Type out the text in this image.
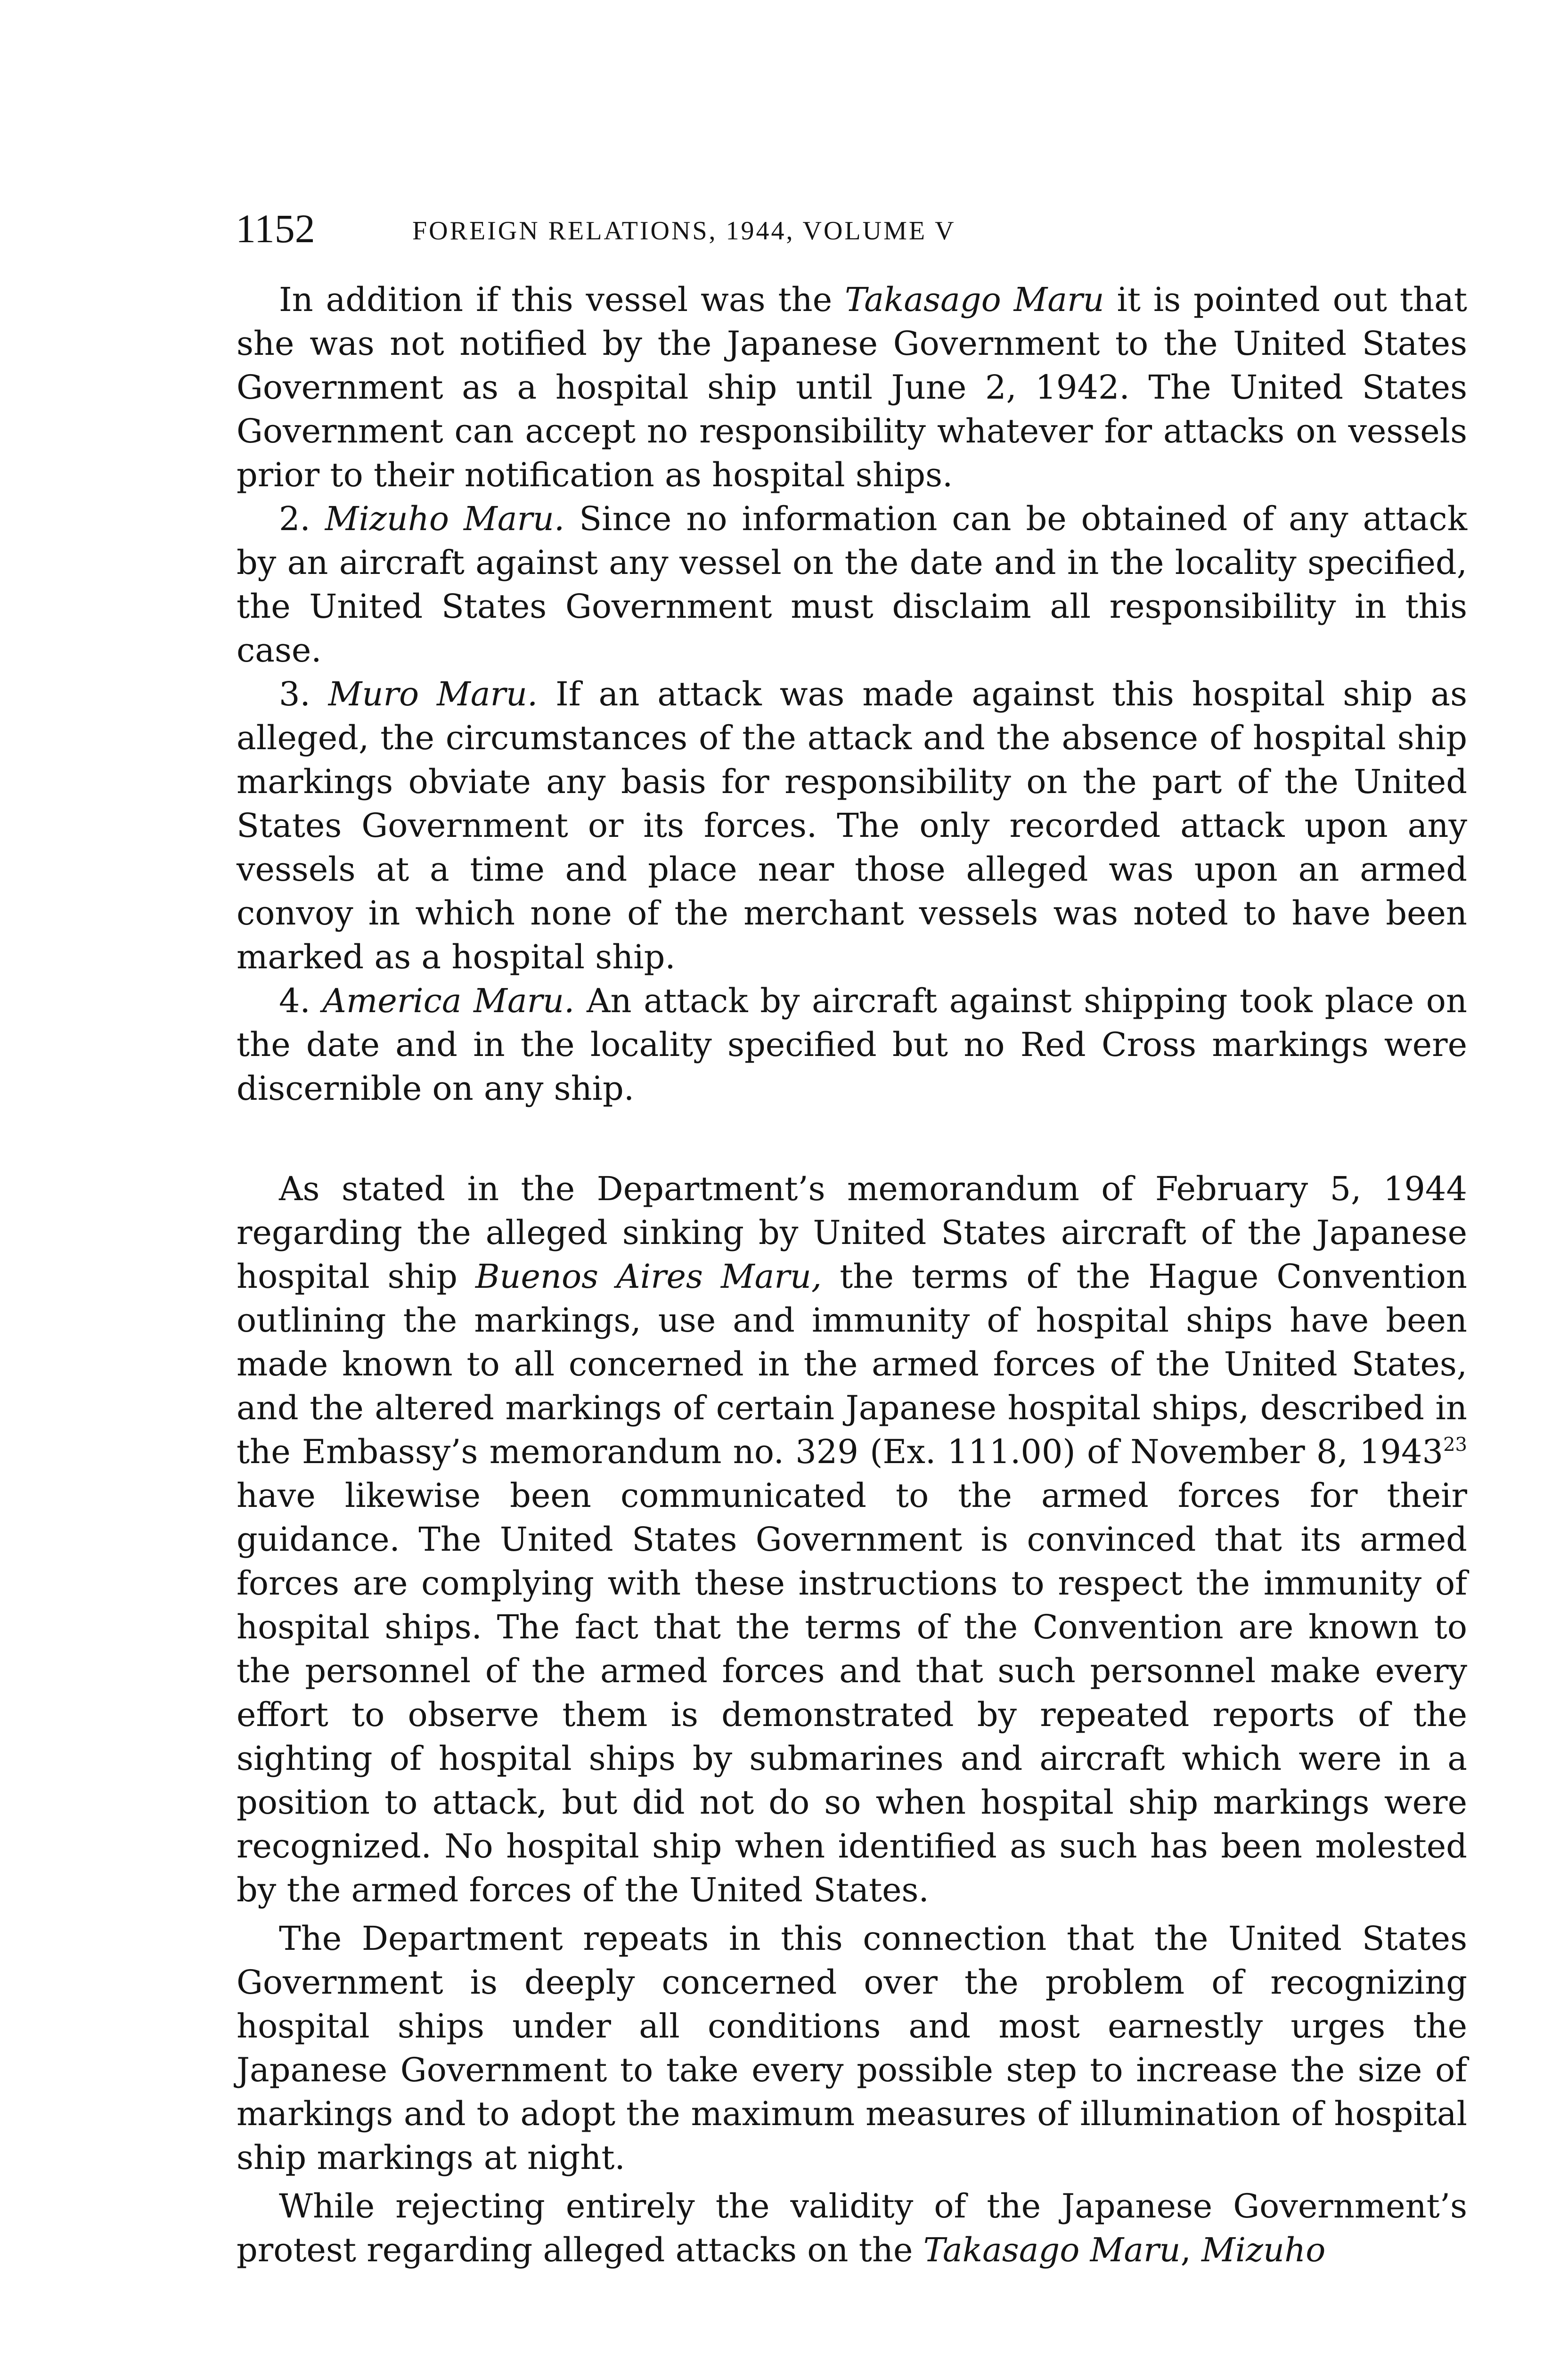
1152	FOREIGN RELATIONS, 1944, VOLUME V

In addition if this vessel was the Takasago Maru it is pointed out that she was not notified by the Japanese Government to the United States Government as a hospital ship until June 2, 1942. The United States Government can accept no responsibility whatever for attacks on vessels prior to their notification as hospital ships.

2. Mizuho Maru. Since no information can be obtained of any attack by an aircraft against any vessel on the date and in the locality specified, the United States Government must disclaim all responsibility in this case.

3. Muro Maru. If an attack was made against this hospital ship as alleged, the circumstances of the attack and the absence of hospital ship markings obviate any basis for responsibility on the part of the United States Government or its forces. The only recorded attack upon any vessels at a time and place near those alleged was upon an armed convoy in which none of the merchant vessels was noted to have been marked as a hospital ship.

4. America Maru. An attack by aircraft against shipping took place on the date and in the locality specified but no Red Cross markings were discernible on any ship.

As stated in the Department’s memorandum of February 5, 1944 regarding the alleged sinking by United States aircraft of the Japanese hospital ship Buenos Aires Maru, the terms of the Hague Convention outlining the markings, use and immunity of hospital ships have been made known to all concerned in the armed forces of the United States, and the altered markings of certain Japanese hospital ships, described in the Embassy’s memorandum no. 329 (Ex. 111.00) of November 8, 1943$^{23}$ have likewise been communicated to the armed forces for their guidance. The United States Government is convinced that its armed forces are complying with these instructions to respect the immunity of hospital ships. The fact that the terms of the Convention are known to the personnel of the armed forces and that such personnel make every effort to observe them is demonstrated by repeated reports of the sighting of hospital ships by submarines and aircraft which were in a position to attack, but did not do so when hospital ship markings were recognized. No hospital ship when identified as such has been molested by the armed forces of the United States.

The Department repeats in this connection that the United States Government is deeply concerned over the problem of recognizing hospital ships under all conditions and most earnestly urges the Japanese Government to take every possible step to increase the size of markings and to adopt the maximum measures of illumination of hospital ship markings at night.

While rejecting entirely the validity of the Japanese Government’s protest regarding alleged attacks on the Takasago Maru, Mizuho
